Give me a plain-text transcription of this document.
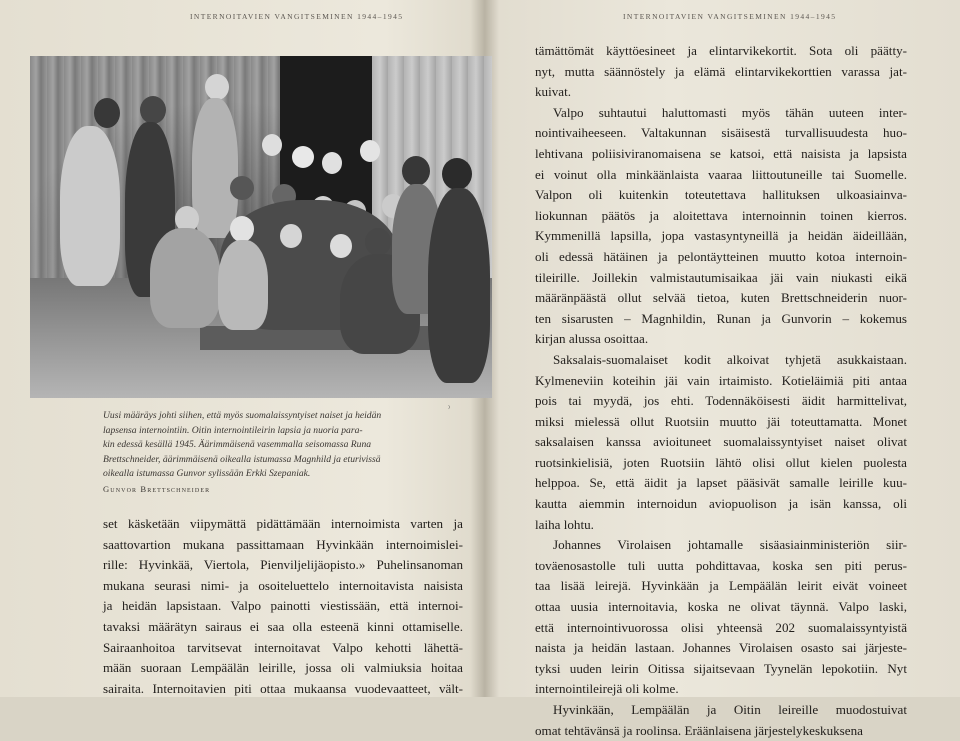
INTERNOITAVIEN VANGITSEMINEN 1944–1945
⁾
Uusi määräys johti siihen, että myös suomalaissyntyiset naiset ja heidän
lapsensa internointiin. Oitin internointileirin lapsia ja nuoria para-
kin edessä kesällä 1945. Äärimmäisenä vasemmalla seisomassa Runa
Brettschneider, äärimmäisenä oikealla istumassa Magnhild ja eturivissä
oikealla istumassa Gunvor sylissään Erkki Szepaniak.
Gunvor Brettschneider
set käsketään viipymättä pidättämään internoimista varten ja
saattovartion mukana passittamaan Hyvinkään internoimislei-
rille: Hyvinkää, Viertola, Pienviljelijäopisto.» Puhelinsanoman
mukana seurasi nimi- ja osoiteluettelo internoitavista naisista
ja heidän lapsistaan. Valpo painotti viestissään, että internoi-
tavaksi määrätyn sairaus ei saa olla esteenä kinni ottamiselle.
Sairaanhoitoa tarvitsevat internoitavat Valpo kehotti lähettä-
mään suoraan Lempäälän leirille, jossa oli valmiuksia hoitaa
sairaita. Internoitavien piti ottaa mukaansa vuodevaatteet, vält-
INTERNOITAVIEN VANGITSEMINEN 1944–1945
tämättömät käyttöesineet ja elintarvikekortit. Sota oli päätty-
nyt, mutta säännöstely ja elämä elintarvikekorttien varassa jat-
kuivat.
Valpo suhtautui haluttomasti myös tähän uuteen inter-
nointivaiheeseen. Valtakunnan sisäisestä turvallisuudesta huo-
lehtivana poliisiviranomaisena se katsoi, että naisista ja lapsista
ei voinut olla minkäänlaista vaaraa liittoutuneille tai Suomelle.
Valpon oli kuitenkin toteutettava hallituksen ulkoasiainva-
liokunnan päätös ja aloitettava internoinnin toinen kierros.
Kymmenillä lapsilla, jopa vastasyntyneillä ja heidän äideillään,
oli edessä hätäinen ja pelontäytteinen muutto kotoa internoin-
tileirille. Joillekin valmistautumisaikaa jäi vain niukasti eikä
määränpäästä ollut selvää tietoa, kuten Brettschneiderin nuor-
ten sisarusten – Magnhildin, Runan ja Gunvorin – kokemus
kirjan alussa osoittaa.
Saksalais-suomalaiset kodit alkoivat tyhjetä asukkaistaan.
Kylmeneviin koteihin jäi vain irtaimisto. Kotieläimiä piti antaa
pois tai myydä, jos ehti. Todennäköisesti äidit harmittelivat,
miksi mielessä ollut Ruotsiin muutto jäi toteuttamatta. Monet
saksalaisen kanssa avioituneet suomalaissyntyiset naiset olivat
ruotsinkielisiä, joten Ruotsiin lähtö olisi ollut kielen puolesta
helppoa. Se, että äidit ja lapset pääsivät samalle leirille kuu-
kautta aiemmin internoidun aviopuolison ja isän kanssa, oli
laiha lohtu.
Johannes Virolaisen johtamalle sisäasiainministeriön siir-
toväenosastolle tuli uutta pohdittavaa, koska sen piti perus-
taa lisää leirejä. Hyvinkään ja Lempäälän leirit eivät voineet
ottaa uusia internoitavia, koska ne olivat täynnä. Valpo laski,
että internointivuorossa olisi yhteensä 202 suomalaissyntyistä
naista ja heidän lastaan. Johannes Virolaisen osasto sai järjeste-
tyksi uuden leirin Oitissa sijaitsevaan Tyynelän lepokotiin. Nyt
internointileirejä oli kolme.
Hyvinkään, Lempäälän ja Oitin leireille muodostuivat
omat tehtävänsä ja roolinsa. Eräänlaisena järjestelykeskuksena
